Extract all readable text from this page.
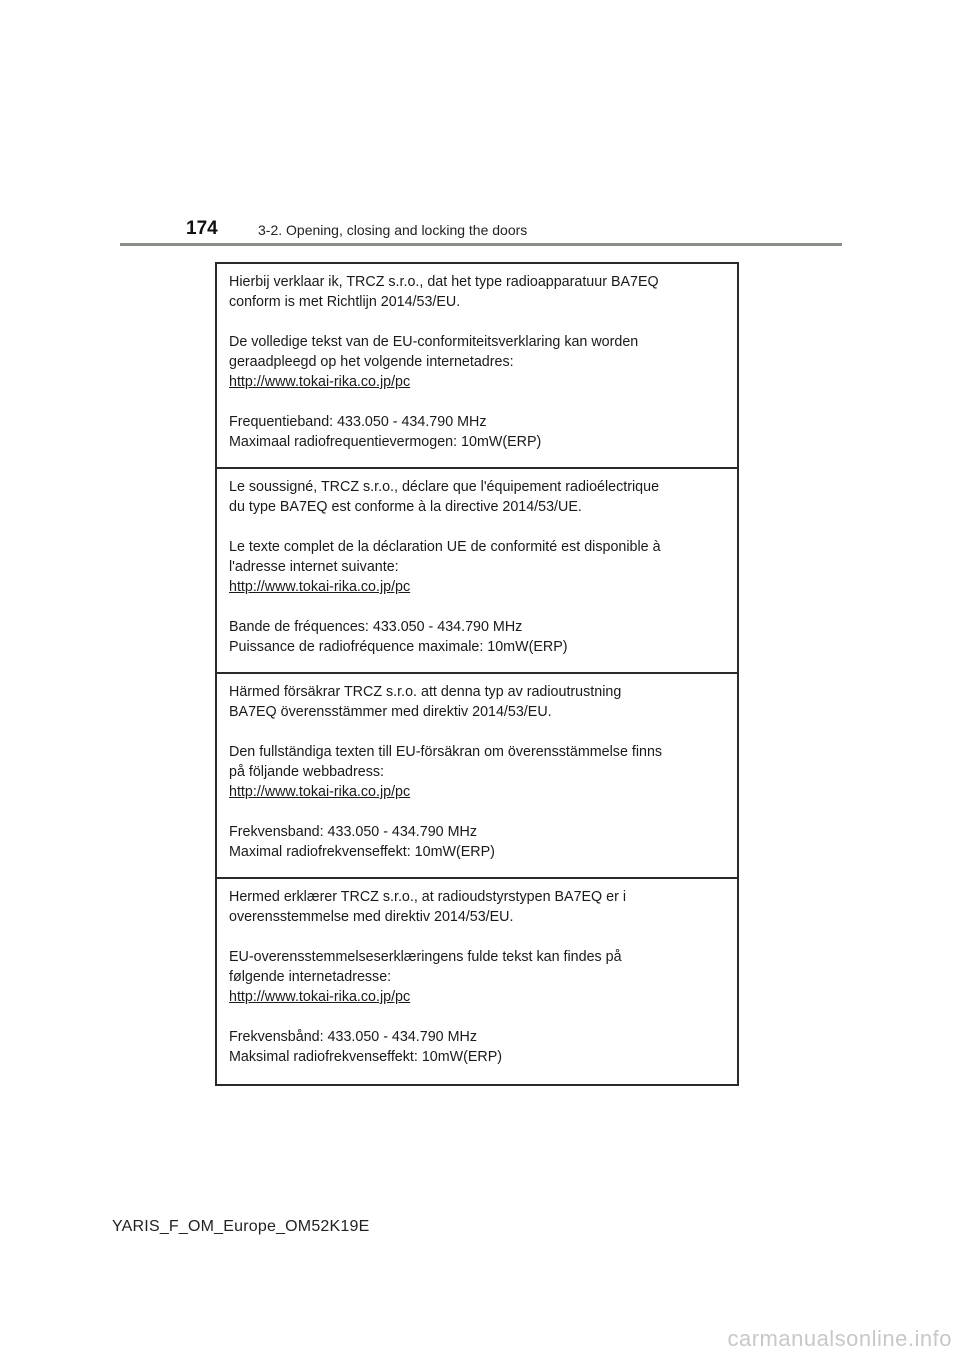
174	3-2. Opening, closing and locking the doors

Hierbij verklaar ik, TRCZ s.r.o., dat het type radioapparatuur BA7EQ
conform is met Richtlijn 2014/53/EU.

De volledige tekst van de EU-conformiteitsverklaring kan worden
geraadpleegd op het volgende internetadres:

http://www.tokai-rika.co.jp/pc

Frequentieband: 433.050 - 434.790 MHz

Maximaal radiofrequentievermogen: 10mW(ERP)

Le soussigné, TRCZ s.r.o., déclare que l'équipement radioélectrique
du type BA7EQ est conforme à la directive 2014/53/UE.

Le texte complet de la déclaration UE de conformité est disponible à
l'adresse internet suivante:

http://www.tokai-rika.co.jp/pc

Bande de fréquences: 433.050 - 434.790 MHz

Puissance de radiofréquence maximale: 10mW(ERP)

Härmed försäkrar TRCZ s.r.o. att denna typ av radioutrustning
BA7EQ överensstämmer med direktiv 2014/53/EU.

Den fullständiga texten till EU-försäkran om överensstämmelse finns
på följande webbadress:

http://www.tokai-rika.co.jp/pc

Frekvensband: 433.050 - 434.790 MHz

Maximal radiofrekvenseffekt: 10mW(ERP)

Hermed erklærer TRCZ s.r.o., at radioudstyrstypen BA7EQ er i
overensstemmelse med direktiv 2014/53/EU.

EU-overensstemmelseserklæringens fulde tekst kan findes på
følgende internetadresse:

http://www.tokai-rika.co.jp/pc

Frekvensbånd: 433.050 - 434.790 MHz

Maksimal radiofrekvenseffekt: 10mW(ERP)

YARIS_F_OM_Europe_OM52K19E
carmanualsonline.info
